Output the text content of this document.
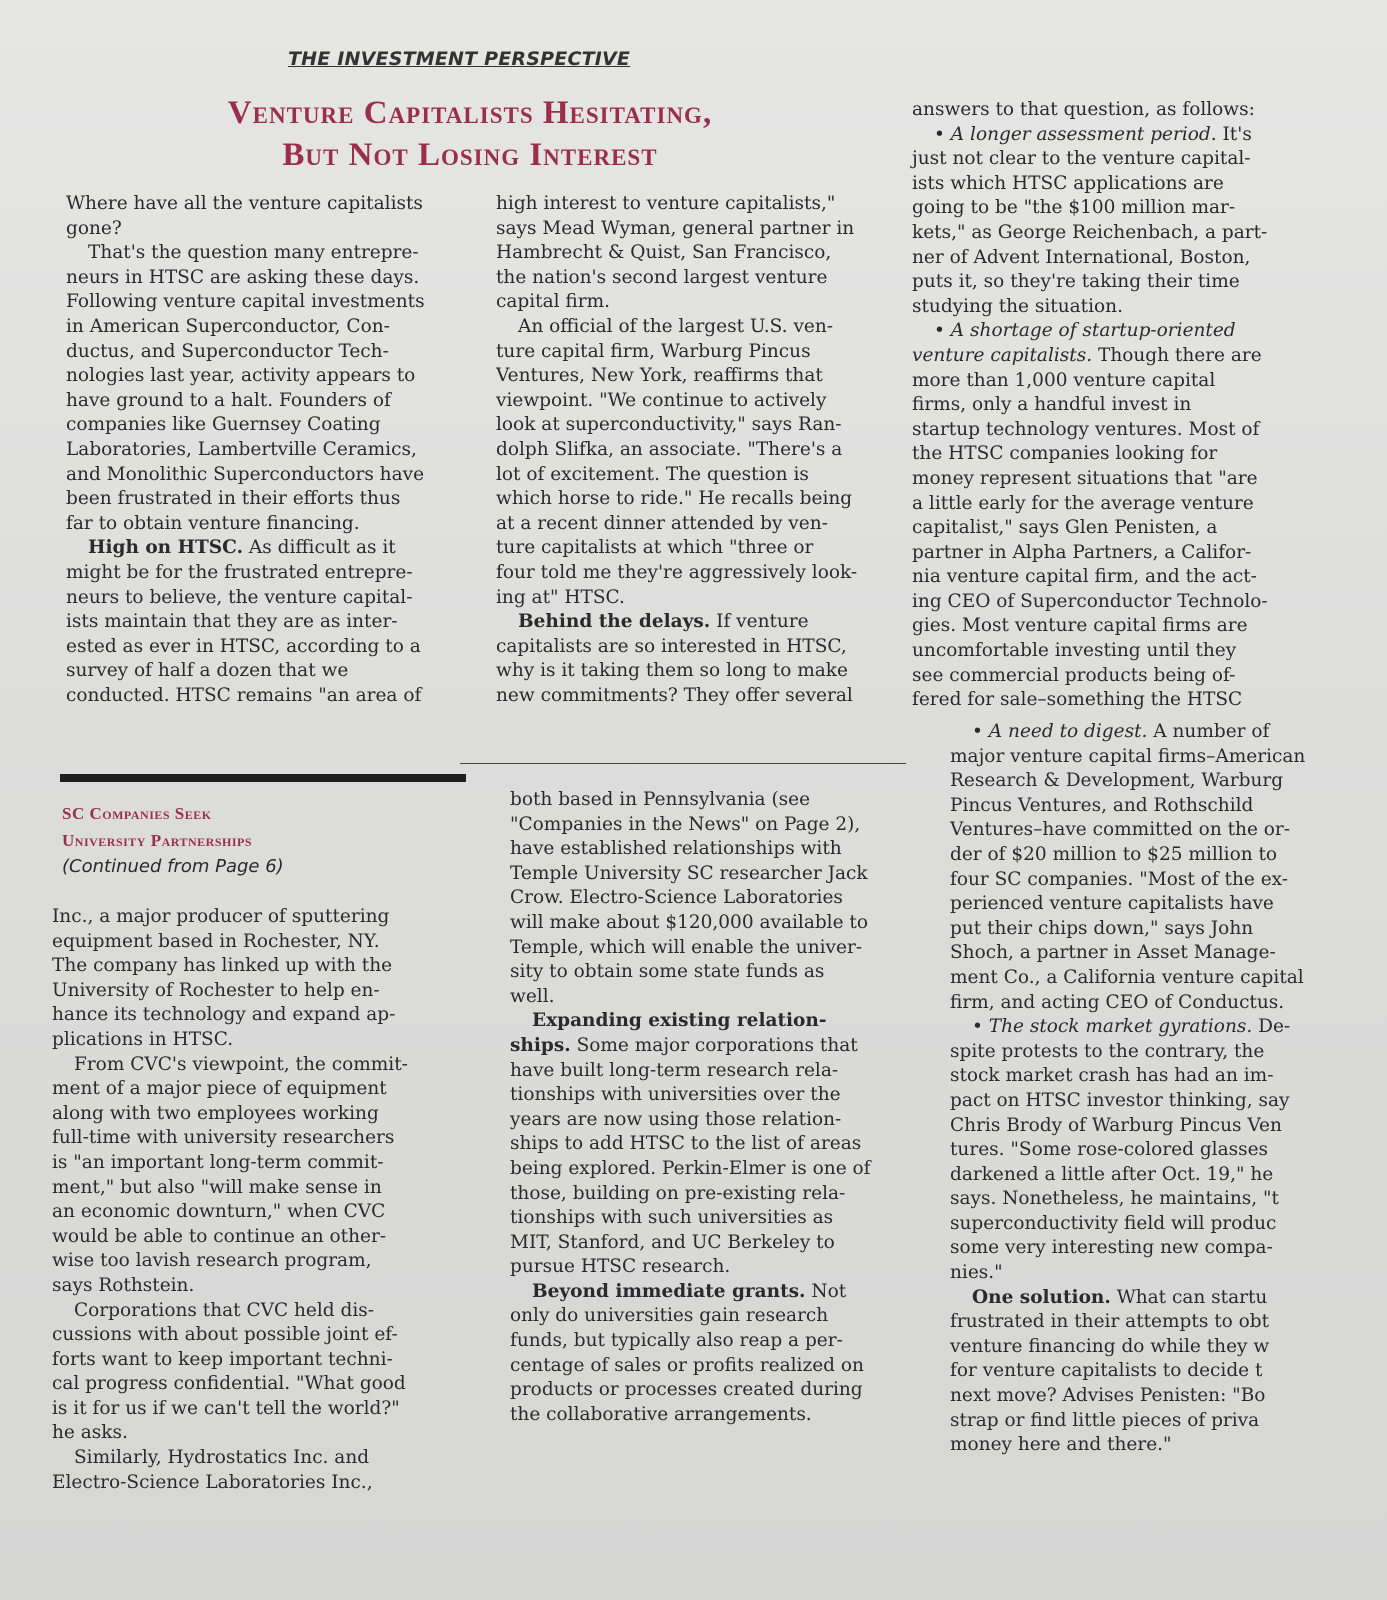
THE INVESTMENT PERSPECTIVE
Venture Capitalists Hesitating,
But Not Losing Interest
Where have all the venture capitalists
gone?
That's the question many entrepre-
neurs in HTSC are asking these days.
Following venture capital investments
in American Superconductor, Con-
ductus, and Superconductor Tech-
nologies last year, activity appears to
have ground to a halt. Founders of
companies like Guernsey Coating
Laboratories, Lambertville Ceramics,
and Monolithic Superconductors have
been frustrated in their efforts thus
far to obtain venture financing.
High on HTSC. As difficult as it
might be for the frustrated entrepre-
neurs to believe, the venture capital-
ists maintain that they are as inter-
ested as ever in HTSC, according to a
survey of half a dozen that we
conducted. HTSC remains "an area of
high interest to venture capitalists,"
says Mead Wyman, general partner in
Hambrecht & Quist, San Francisco,
the nation's second largest venture
capital firm.
An official of the largest U.S. ven-
ture capital firm, Warburg Pincus
Ventures, New York, reaffirms that
viewpoint. "We continue to actively
look at superconductivity," says Ran-
dolph Slifka, an associate. "There's a
lot of excitement. The question is
which horse to ride." He recalls being
at a recent dinner attended by ven-
ture capitalists at which "three or
four told me they're aggressively look-
ing at" HTSC.
Behind the delays. If venture
capitalists are so interested in HTSC,
why is it taking them so long to make
new commitments? They offer several
answers to that question, as follows:
• A longer assessment period. It's
just not clear to the venture capital-
ists which HTSC applications are
going to be "the $100 million mar-
kets," as George Reichenbach, a part-
ner of Advent International, Boston,
puts it, so they're taking their time
studying the situation.
• A shortage of startup-oriented
venture capitalists. Though there are
more than 1,000 venture capital
firms, only a handful invest in
startup technology ventures. Most of
the HTSC companies looking for
money represent situations that "are
a little early for the average venture
capitalist," says Glen Penisten, a
partner in Alpha Partners, a Califor-
nia venture capital firm, and the act-
ing CEO of Superconductor Technolo-
gies. Most venture capital firms are
uncomfortable investing until they
see commercial products being of-
fered for sale–something the HTSC
SC Companies Seek
University Partnerships
(Continued from Page 6)
Inc., a major producer of sputtering
equipment based in Rochester, NY.
The company has linked up with the
University of Rochester to help en-
hance its technology and expand ap-
plications in HTSC.
From CVC's viewpoint, the commit-
ment of a major piece of equipment
along with two employees working
full-time with university researchers
is "an important long-term commit-
ment," but also "will make sense in
an economic downturn," when CVC
would be able to continue an other-
wise too lavish research program,
says Rothstein.
Corporations that CVC held dis-
cussions with about possible joint ef-
forts want to keep important techni-
cal progress confidential. "What good
is it for us if we can't tell the world?"
he asks.
Similarly, Hydrostatics Inc. and
Electro-Science Laboratories Inc.,
both based in Pennsylvania (see
"Companies in the News" on Page 2),
have established relationships with
Temple University SC researcher Jack
Crow. Electro-Science Laboratories
will make about $120,000 available to
Temple, which will enable the univer-
sity to obtain some state funds as
well.
Expanding existing relation-
ships. Some major corporations that
have built long-term research rela-
tionships with universities over the
years are now using those relation-
ships to add HTSC to the list of areas
being explored. Perkin-Elmer is one of
those, building on pre-existing rela-
tionships with such universities as
MIT, Stanford, and UC Berkeley to
pursue HTSC research.
Beyond immediate grants. Not
only do universities gain research
funds, but typically also reap a per-
centage of sales or profits realized on
products or processes created during
the collaborative arrangements.
• A need to digest. A number of
major venture capital firms–American
Research & Development, Warburg
Pincus Ventures, and Rothschild
Ventures–have committed on the or-
der of $20 million to $25 million to
four SC companies. "Most of the ex-
perienced venture capitalists have
put their chips down," says John
Shoch, a partner in Asset Manage-
ment Co., a California venture capital
firm, and acting CEO of Conductus.
• The stock market gyrations. De-
spite protests to the contrary, the
stock market crash has had an im-
pact on HTSC investor thinking, say
Chris Brody of Warburg Pincus Ven
tures. "Some rose-colored glasses
darkened a little after Oct. 19," he
says. Nonetheless, he maintains, "t
superconductivity field will produc
some very interesting new compa-
nies."
One solution. What can startu
frustrated in their attempts to obt
venture financing do while they w
for venture capitalists to decide t
next move? Advises Penisten: "Bo
strap or find little pieces of priva
money here and there."
